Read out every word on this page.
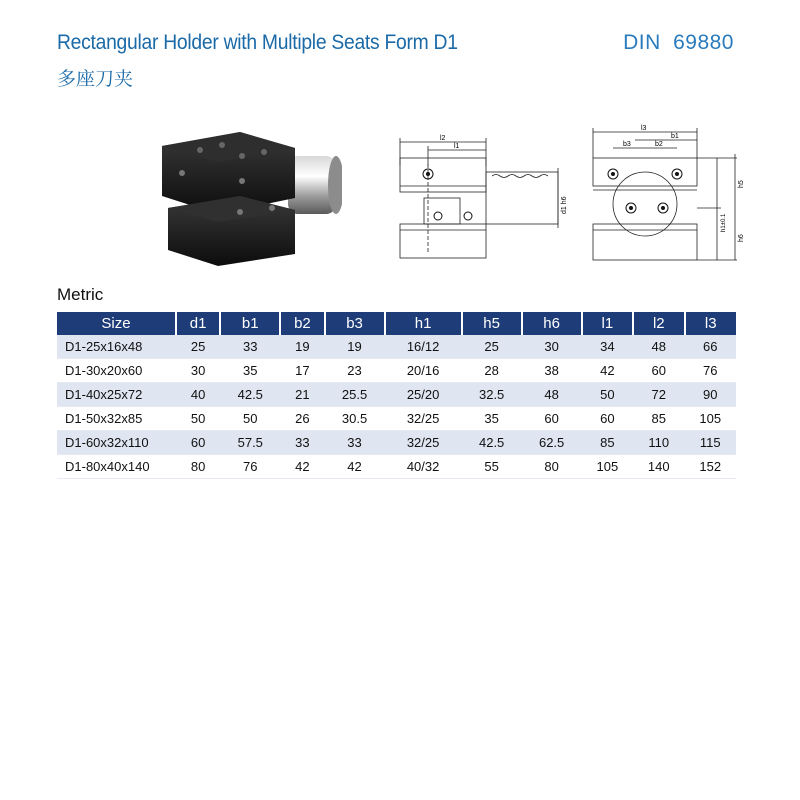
Rectangular Holder with Multiple Seats Form D1
多座刀夹
DIN 69880
l2
l1
d1 h6
l3
b1
b3	b2
h5
h1±0.1
h6
Metric
Size	d1	b1	b2	b3	h1	h5	h6	l1	l2	l3
D1-25x16x48	25	33	19	19	16/12	25	30	34	48	66
D1-30x20x60	30	35	17	23	20/16	28	38	42	60	76
D1-40x25x72	40	42.5	21	25.5	25/20	32.5	48	50	72	90
D1-50x32x85	50	50	26	30.5	32/25	35	60	60	85	105
D1-60x32x110	60	57.5	33	33	32/25	42.5	62.5	85	110	115
D1-80x40x140	80	76	42	42	40/32	55	80	105	140	152
